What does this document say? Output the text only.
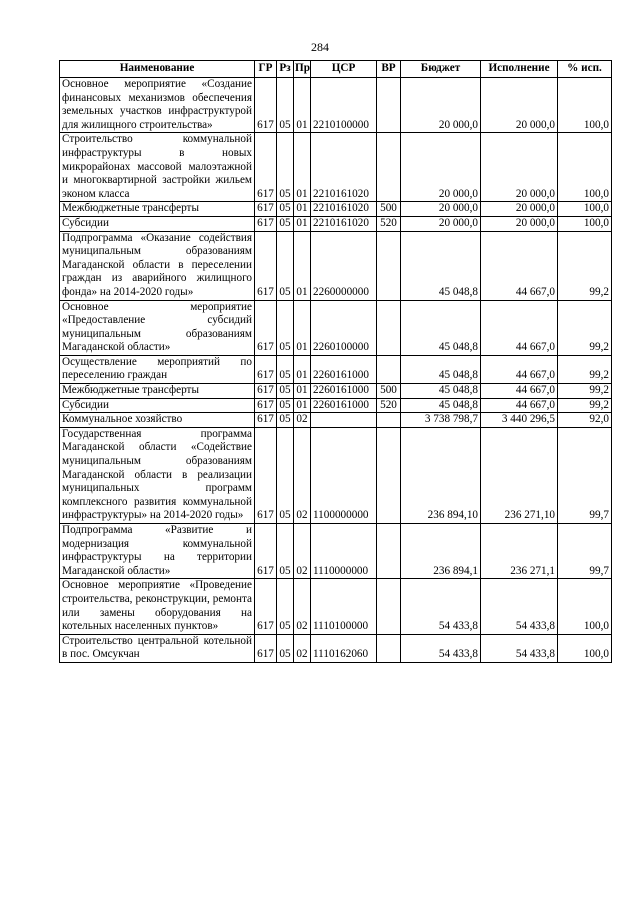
284
Наименование	ГР	Рз	Пр	ЦСР	ВР	Бюджет	Исполнение	% исп.
Основное мероприятие «Создание финансовых механизмов обеспечения земельных участков инфраструктурой для жилищного строительства»	617	05	01	2210100000		20 000,0	20 000,0	100,0
Строительство коммунальной инфраструктуры в новых микрорайонах массовой малоэтажной и многоквартирной застройки жильем эконом класса	617	05	01	2210161020		20 000,0	20 000,0	100,0
Межбюджетные трансферты	617	05	01	2210161020	500	20 000,0	20 000,0	100,0
Субсидии	617	05	01	2210161020	520	20 000,0	20 000,0	100,0
Подпрограмма «Оказание содействия муниципальным образованиям Магаданской области в переселении граждан из аварийного жилищного фонда» на 2014-2020 годы»	617	05	01	2260000000		45 048,8	44 667,0	99,2
Основное мероприятие «Предоставление субсидий муниципальным образованиям Магаданской области»	617	05	01	2260100000		45 048,8	44 667,0	99,2
Осуществление мероприятий по переселению граждан	617	05	01	2260161000		45 048,8	44 667,0	99,2
Межбюджетные трансферты	617	05	01	2260161000	500	45 048,8	44 667,0	99,2
Субсидии	617	05	01	2260161000	520	45 048,8	44 667,0	99,2
Коммунальное хозяйство	617	05	02			3 738 798,7	3 440 296,5	92,0
Государственная программа Магаданской области «Содействие муниципальным образованиям Магаданской области в реализации муниципальных программ комплексного развития коммунальной инфраструктуры» на 2014-2020 годы»	617	05	02	1100000000		236 894,10	236 271,10	99,7
Подпрограмма «Развитие и модернизация коммунальной инфраструктуры на территории Магаданской области»	617	05	02	1110000000		236 894,1	236 271,1	99,7
Основное мероприятие «Проведение строительства, реконструкции, ремонта или замены оборудования на котельных населенных пунктов»	617	05	02	1110100000		54 433,8	54 433,8	100,0
Строительство центральной котельной в пос. Омсукчан	617	05	02	1110162060		54 433,8	54 433,8	100,0
